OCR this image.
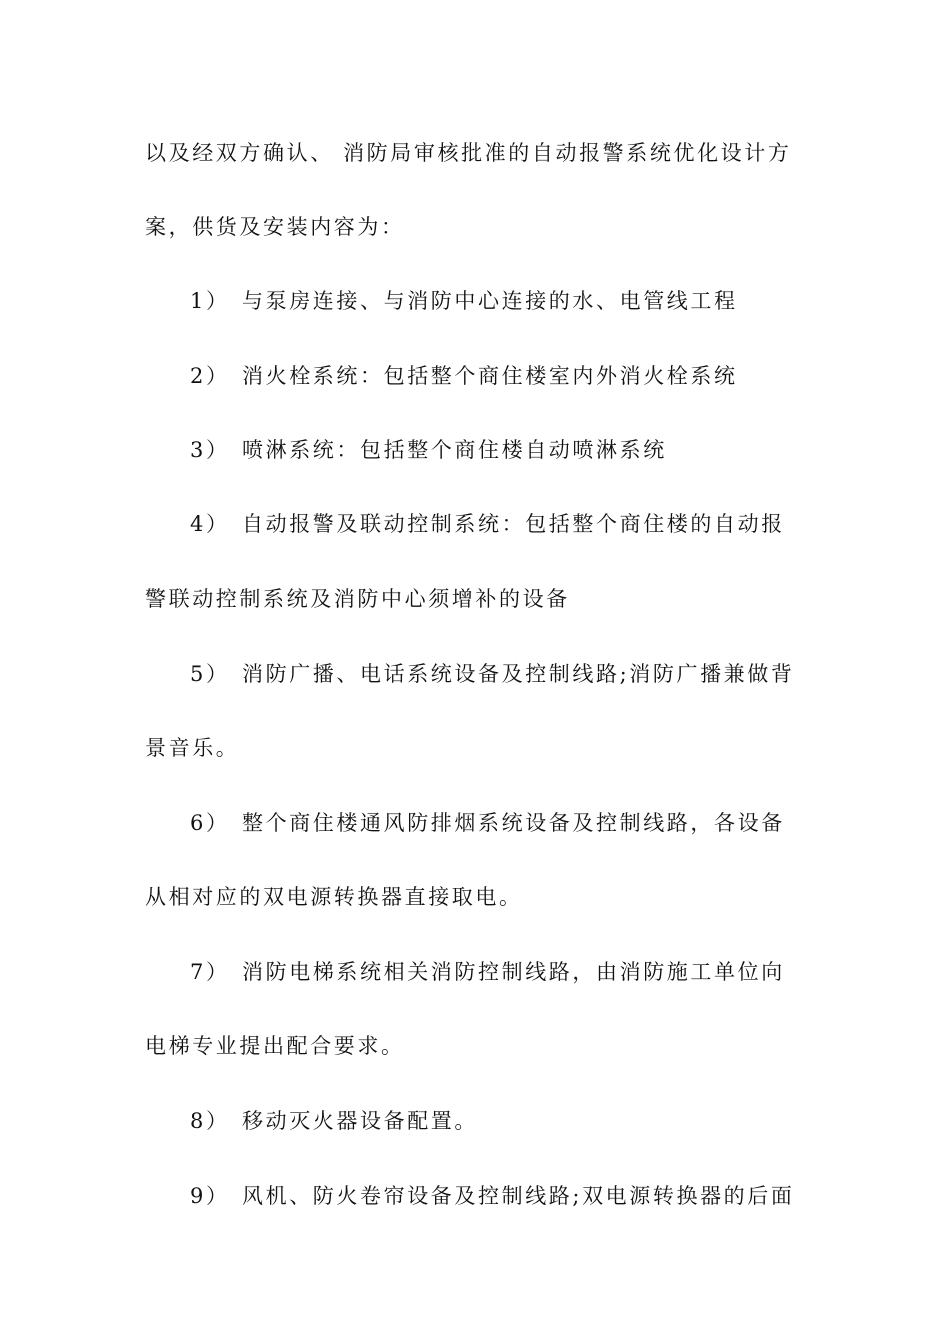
以及经双方确认、 消防局审核批准的自动报警系统优化设计方
案，供货及安装内容为：
1） 与泵房连接、与消防中心连接的水、电管线工程
2） 消火栓系统：包括整个商住楼室内外消火栓系统
3） 喷淋系统：包括整个商住楼自动喷淋系统
4） 自动报警及联动控制系统：包括整个商住楼的自动报
警联动控制系统及消防中心须增补的设备
5） 消防广播、电话系统设备及控制线路;消防广播兼做背
景音乐。
6） 整个商住楼通风防排烟系统设备及控制线路，各设备
从相对应的双电源转换器直接取电。
7） 消防电梯系统相关消防控制线路，由消防施工单位向
电梯专业提出配合要求。
8） 移动灭火器设备配置。
9） 风机、防火卷帘设备及控制线路;双电源转换器的后面
